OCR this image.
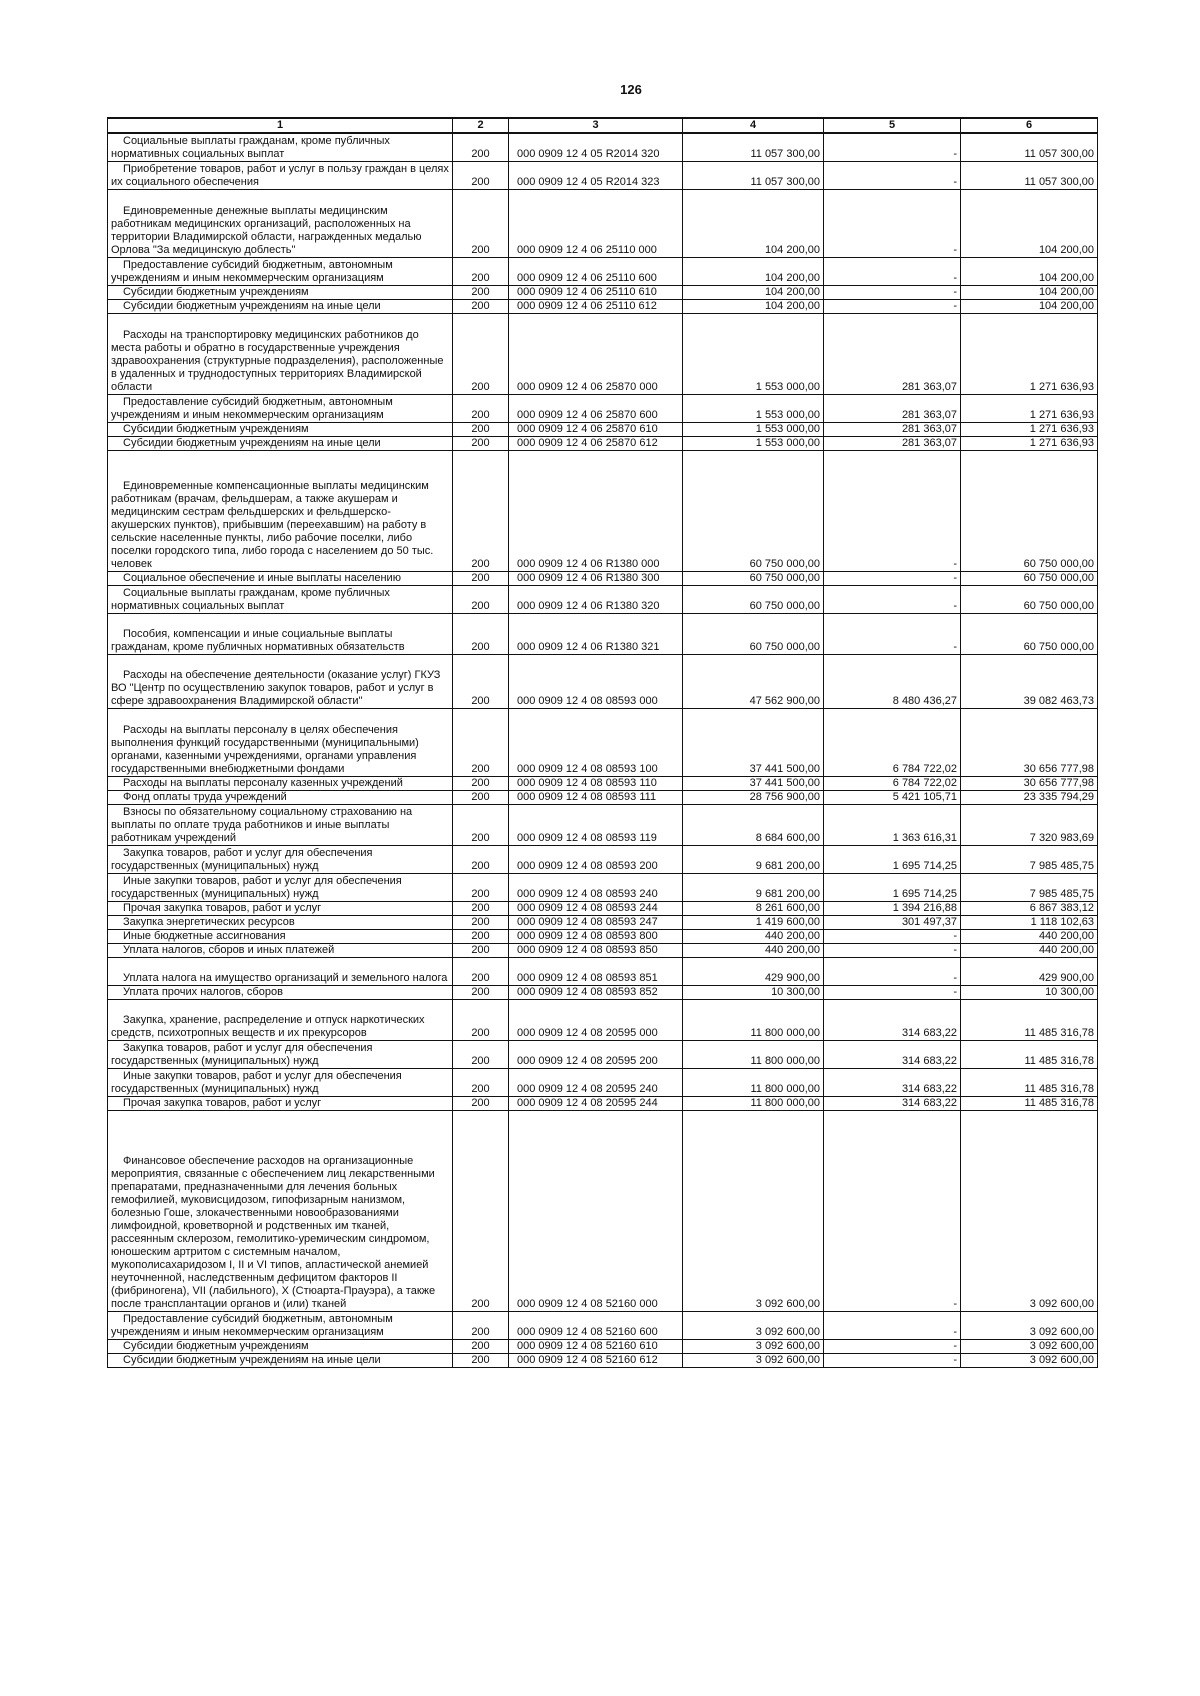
126
1	2	3	4	5	6
Социальные выплаты гражданам, кроме публичных нормативных социальных выплат	200	000 0909 12 4 05 R2014 320	11 057 300,00	-	11 057 300,00
Приобретение товаров, работ и услуг в пользу граждан в целях их социального обеспечения	200	000 0909 12 4 05 R2014 323	11 057 300,00	-	11 057 300,00
Единовременные денежные выплаты медицинским работникам медицинских организаций, расположенных на территории Владимирской области, награжденных медалью Орлова "За медицинскую доблесть"	200	000 0909 12 4 06 25110 000	104 200,00	-	104 200,00
Предоставление субсидий бюджетным, автономным учреждениям и иным некоммерческим организациям	200	000 0909 12 4 06 25110 600	104 200,00	-	104 200,00
Субсидии бюджетным учреждениям	200	000 0909 12 4 06 25110 610	104 200,00	-	104 200,00
Субсидии бюджетным учреждениям на иные цели	200	000 0909 12 4 06 25110 612	104 200,00	-	104 200,00
Расходы на транспортировку медицинских работников до места работы и обратно в государственные учреждения здравоохранения (структурные подразделения), расположенные в удаленных и труднодоступных территориях Владимирской области	200	000 0909 12 4 06 25870 000	1 553 000,00	281 363,07	1 271 636,93
Предоставление субсидий бюджетным, автономным учреждениям и иным некоммерческим организациям	200	000 0909 12 4 06 25870 600	1 553 000,00	281 363,07	1 271 636,93
Субсидии бюджетным учреждениям	200	000 0909 12 4 06 25870 610	1 553 000,00	281 363,07	1 271 636,93
Субсидии бюджетным учреждениям на иные цели	200	000 0909 12 4 06 25870 612	1 553 000,00	281 363,07	1 271 636,93
Единовременные компенсационные выплаты медицинским работникам (врачам, фельдшерам, а также акушерам и медицинским сестрам фельдшерских и фельдшерско-акушерских пунктов), прибывшим (переехавшим) на работу в сельские населенные пункты, либо рабочие поселки, либо поселки городского типа, либо города с населением до 50 тыс. человек	200	000 0909 12 4 06 R1380 000	60 750 000,00	-	60 750 000,00
Социальное обеспечение и иные выплаты населению	200	000 0909 12 4 06 R1380 300	60 750 000,00	-	60 750 000,00
Социальные выплаты гражданам, кроме публичных нормативных социальных выплат	200	000 0909 12 4 06 R1380 320	60 750 000,00	-	60 750 000,00
Пособия, компенсации и иные социальные выплаты гражданам, кроме публичных нормативных обязательств	200	000 0909 12 4 06 R1380 321	60 750 000,00	-	60 750 000,00
Расходы на обеспечение деятельности (оказание услуг) ГКУЗ ВО "Центр по осуществлению закупок товаров, работ и услуг в сфере здравоохранения Владимирской области"	200	000 0909 12 4 08 08593 000	47 562 900,00	8 480 436,27	39 082 463,73
Расходы на выплаты персоналу в целях обеспечения выполнения функций государственными (муниципальными) органами, казенными учреждениями, органами управления государственными внебюджетными фондами	200	000 0909 12 4 08 08593 100	37 441 500,00	6 784 722,02	30 656 777,98
Расходы на выплаты персоналу казенных учреждений	200	000 0909 12 4 08 08593 110	37 441 500,00	6 784 722,02	30 656 777,98
Фонд оплаты труда учреждений	200	000 0909 12 4 08 08593 111	28 756 900,00	5 421 105,71	23 335 794,29
Взносы по обязательному социальному страхованию на выплаты по оплате труда работников и иные выплаты работникам учреждений	200	000 0909 12 4 08 08593 119	8 684 600,00	1 363 616,31	7 320 983,69
Закупка товаров, работ и услуг для обеспечения государственных (муниципальных) нужд	200	000 0909 12 4 08 08593 200	9 681 200,00	1 695 714,25	7 985 485,75
Иные закупки товаров, работ и услуг для обеспечения государственных (муниципальных) нужд	200	000 0909 12 4 08 08593 240	9 681 200,00	1 695 714,25	7 985 485,75
Прочая закупка товаров, работ и услуг	200	000 0909 12 4 08 08593 244	8 261 600,00	1 394 216,88	6 867 383,12
Закупка энергетических ресурсов	200	000 0909 12 4 08 08593 247	1 419 600,00	301 497,37	1 118 102,63
Иные бюджетные ассигнования	200	000 0909 12 4 08 08593 800	440 200,00	-	440 200,00
Уплата налогов, сборов и иных платежей	200	000 0909 12 4 08 08593 850	440 200,00	-	440 200,00
Уплата налога на имущество организаций и земельного налога	200	000 0909 12 4 08 08593 851	429 900,00	-	429 900,00
Уплата прочих налогов, сборов	200	000 0909 12 4 08 08593 852	10 300,00	-	10 300,00
Закупка, хранение, распределение и отпуск наркотических средств, психотропных веществ и их прекурсоров	200	000 0909 12 4 08 20595 000	11 800 000,00	314 683,22	11 485 316,78
Закупка товаров, работ и услуг для обеспечения государственных (муниципальных) нужд	200	000 0909 12 4 08 20595 200	11 800 000,00	314 683,22	11 485 316,78
Иные закупки товаров, работ и услуг для обеспечения государственных (муниципальных) нужд	200	000 0909 12 4 08 20595 240	11 800 000,00	314 683,22	11 485 316,78
Прочая закупка товаров, работ и услуг	200	000 0909 12 4 08 20595 244	11 800 000,00	314 683,22	11 485 316,78
Финансовое обеспечение расходов на организационные мероприятия, связанные с обеспечением лиц лекарственными препаратами, предназначенными для лечения больных гемофилией, муковисцидозом, гипофизарным нанизмом, болезнью Гоше, злокачественными новообразованиями лимфоидной, кроветворной и родственных им тканей, рассеянным склерозом, гемолитико-уремическим синдромом, юношеским артритом с системным началом, мукополисахаридозом I, II и VI типов, апластической анемией неуточненной, наследственным дефицитом факторов II (фибриногена), VII (лабильного), X (Стюарта-Прауэра), а также после трансплантации органов и (или) тканей	200	000 0909 12 4 08 52160 000	3 092 600,00	-	3 092 600,00
Предоставление субсидий бюджетным, автономным учреждениям и иным некоммерческим организациям	200	000 0909 12 4 08 52160 600	3 092 600,00	-	3 092 600,00
Субсидии бюджетным учреждениям	200	000 0909 12 4 08 52160 610	3 092 600,00	-	3 092 600,00
Субсидии бюджетным учреждениям на иные цели	200	000 0909 12 4 08 52160 612	3 092 600,00	-	3 092 600,00
